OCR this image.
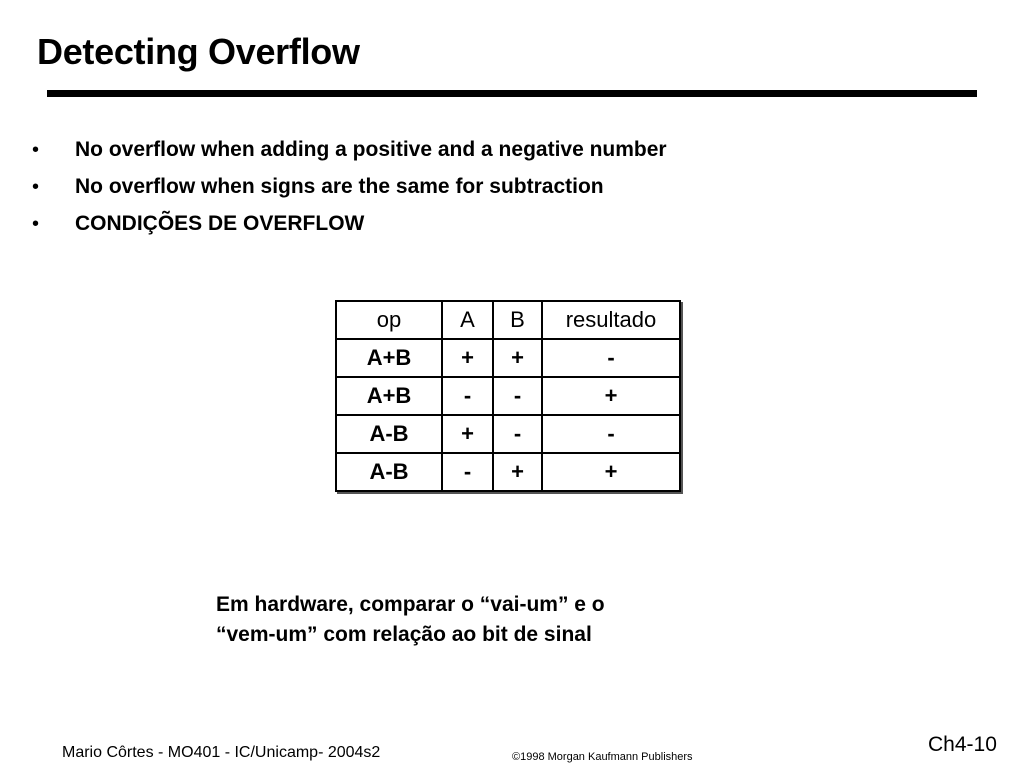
Detecting Overflow
• No overflow when adding a positive and a negative number
• No overflow when signs are the same for subtraction
• CONDIÇÕES DE OVERFLOW
op	A	B	resultado
A+B	+	+	-
A+B	-	-	+
A-B	+	-	-
A-B	-	+	+

Em hardware, comparar o “vai-um” e o
“vem-um” com relação ao bit de sinal

Mario Côrtes - MO401 - IC/Unicamp- 2004s2	©1998 Morgan Kaufmann Publishers
Ch4-10
